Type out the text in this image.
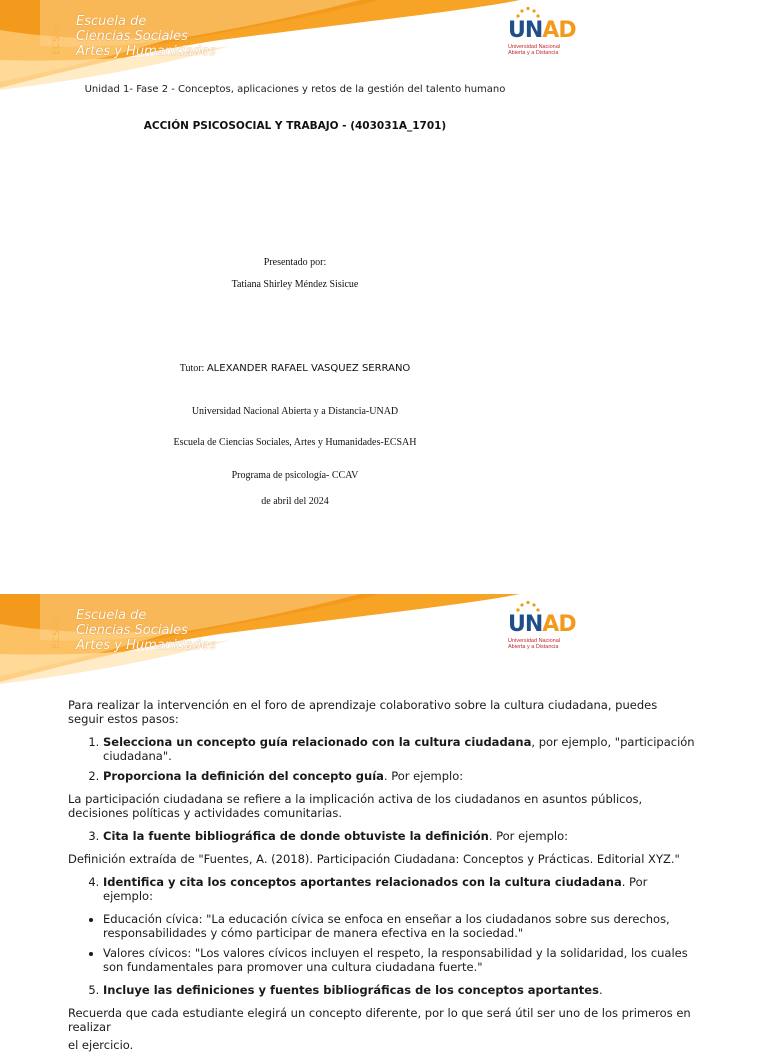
ECSAH	Escuela de
Ciencias Sociales
Artes y Humanidades
UNAD
Universidad Nacional
Abierta y a Distancia
Unidad 1- Fase 2 - Conceptos, aplicaciones y retos de la gestión del talento humano
ACCIÓN PSICOSOCIAL Y TRABAJO - (403031A_1701)
Presentado por:
Tatiana Shirley Méndez Sisicue
Tutor: ALEXANDER RAFAEL VASQUEZ SERRANO
Universidad Nacional Abierta y a Distancia-UNAD
Escuela de Ciencias Sociales, Artes y Humanidades-ECSAH
Programa de psicología- CCAV
de abril del 2024
ECSAH	Escuela de
Ciencias Sociales
Artes y Humanidades
UNAD
Universidad Nacional
Abierta y a Distancia

Para realizar la intervención en el foro de aprendizaje colaborativo sobre la cultura ciudadana, puedes seguir estos pasos:

1. Selecciona un concepto guía relacionado con la cultura ciudadana, por ejemplo, "participación ciudadana".
2. Proporciona la definición del concepto guía. Por ejemplo:

La participación ciudadana se refiere a la implicación activa de los ciudadanos en asuntos públicos, decisiones políticas y actividades comunitarias.

3. Cita la fuente bibliográfica de donde obtuviste la definición. Por ejemplo:

Definición extraída de "Fuentes, A. (2018). Participación Ciudadana: Conceptos y Prácticas. Editorial XYZ."

4. Identifica y cita los conceptos aportantes relacionados con la cultura ciudadana. Por ejemplo:
• Educación cívica: "La educación cívica se enfoca en enseñar a los ciudadanos sobre sus derechos, responsabilidades y cómo participar de manera efectiva en la sociedad."
• Valores cívicos: "Los valores cívicos incluyen el respeto, la responsabilidad y la solidaridad, los cuales son fundamentales para promover una cultura ciudadana fuerte."
5. Incluye las definiciones y fuentes bibliográficas de los conceptos aportantes.

Recuerda que cada estudiante elegirá un concepto diferente, por lo que será útil ser uno de los primeros en realizar

el ejercicio.
